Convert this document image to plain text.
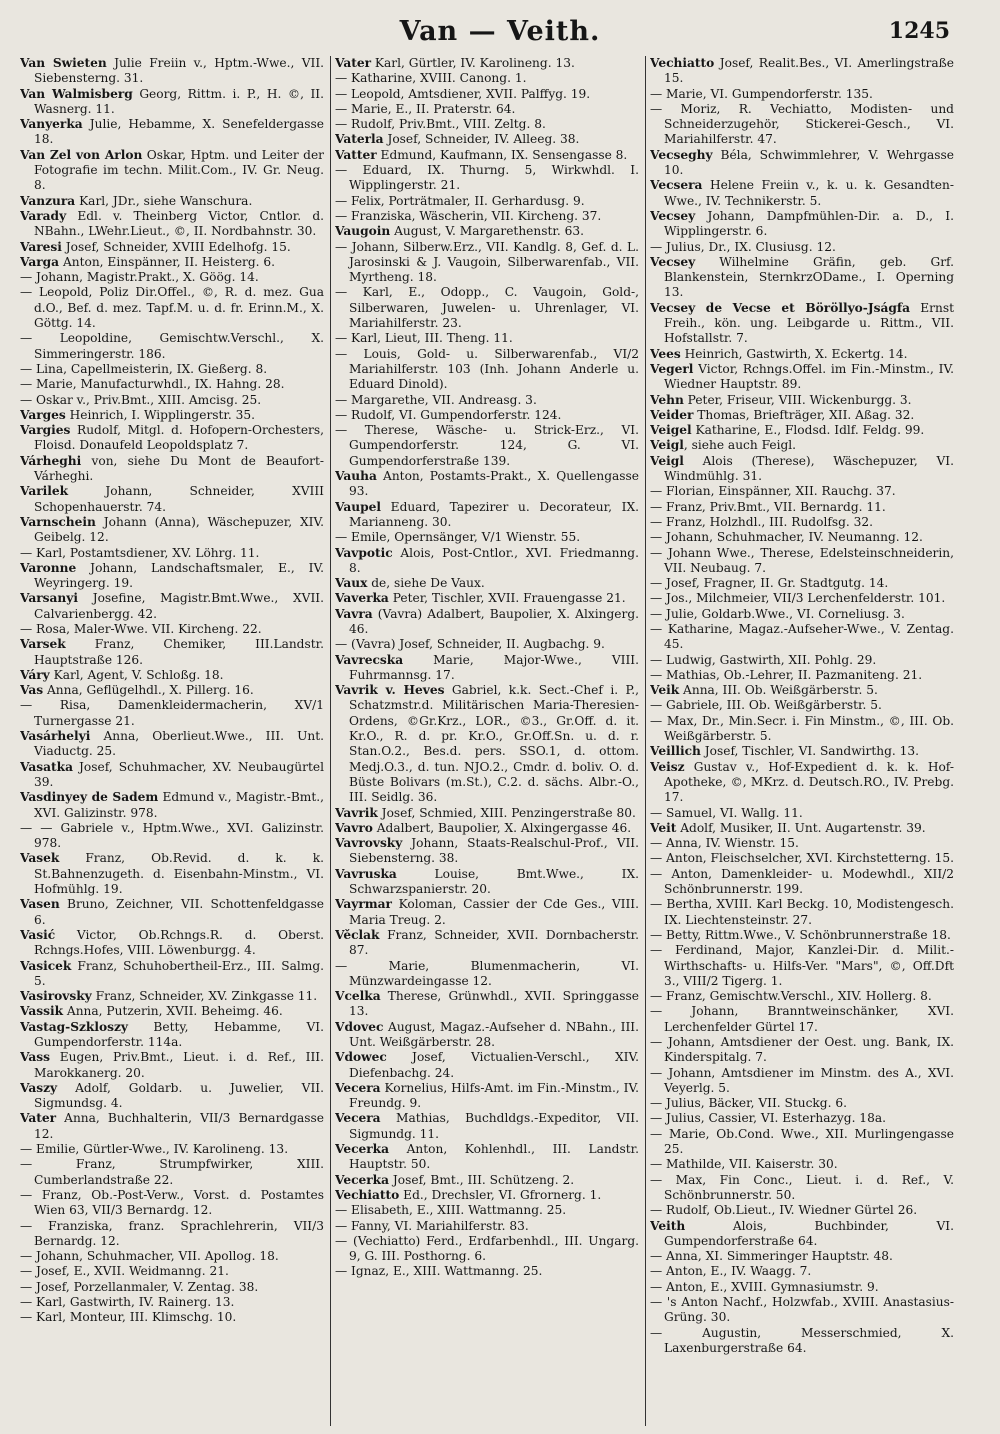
Van — Veith.	1245

Van Swieten Julie Freiin v., Hptm.-Wwe., VII. Siebensterng. 31.

Van Walmisberg Georg, Rittm. i. P., H. ©, II. Wasnerg. 11.

Vanyerka Julie, Hebamme, X. Senefeldergasse 18.

Van Zel von Arlon Oskar, Hptm. und Leiter der Fotografie im techn. Milit.Com., IV. Gr. Neug. 8.

Vanzura Karl, JDr., siehe Wanschura.

Varady Edl. v. Theinberg Victor, Cntlor. d. NBahn., LWehr.Lieut., ©, II. Nordbahnstr. 30.

Varesi Josef, Schneider, XVIII Edelhofg. 15.

Varga Anton, Einspänner, II. Heisterg. 6.

— Johann, Magistr.Prakt., X. Göög. 14.

— Leopold, Poliz Dir.Offel., ©, R. d. mez. Gua d.O., Bef. d. mez. Tapf.M. u. d. fr. Erinn.M., X. Göttg. 14.

— Leopoldine, Gemischtw.Verschl., X. Simmeringerstr. 186.

— Lina, Capellmeisterin, IX. Gießerg. 8.

— Marie, Manufacturwhdl., IX. Hahng. 28.

— Oskar v., Priv.Bmt., XIII. Amcisg. 25.

Varges Heinrich, I. Wipplingerstr. 35.

Vargies Rudolf, Mitgl. d. Hofopern-Orchesters, Floisd. Donaufeld Leopoldsplatz 7.

Várheghi von, siehe Du Mont de Beaufort-Várheghi.

Varilek Johann, Schneider, XVIII Schopenhauerstr. 74.

Varnschein Johann (Anna), Wäschepuzer, XIV. Geibelg. 12.

— Karl, Postamtsdiener, XV. Löhrg. 11.

Varonne Johann, Landschaftsmaler, E., IV. Weyringerg. 19.

Varsanyi Josefine, Magistr.Bmt.Wwe., XVII. Calvarienbergg. 42.

— Rosa, Maler-Wwe. VII. Kircheng. 22.

Varsek Franz, Chemiker, III.Landstr. Hauptstraße 126.

Váry Karl, Agent, V. Schloßg. 18.

Vas Anna, Geflügelhdl., X. Pillerg. 16.

— Risa, Damenkleidermacherin, XV/1 Turnergasse 21.

Vasárhelyi Anna, Oberlieut.Wwe., III. Unt. Viaductg. 25.

Vasatka Josef, Schuhmacher, XV. Neubaugürtel 39.

Vasdinyey de Sadem Edmund v., Magistr.-Bmt., XVI. Galizinstr. 978.

— — Gabriele v., Hptm.Wwe., XVI. Galizinstr. 978.

Vasek Franz, Ob.Revid. d. k. k. St.Bahnenzugeth. d. Eisenbahn-Minstm., VI. Hofmühlg. 19.

Vasen Bruno, Zeichner, VII. Schottenfeldgasse 6.

Vasić Victor, Ob.Rchngs.R. d. Oberst. Rchngs.Hofes, VIII. Löwenburgg. 4.

Vasicek Franz, Schuhobertheil-Erz., III. Salmg. 5.

Vasirovsky Franz, Schneider, XV. Zinkgasse 11.

Vassik Anna, Putzerin, XVII. Beheimg. 46.

Vastag-Szkloszy Betty, Hebamme, VI. Gumpendorferstr. 114a.

Vass Eugen, Priv.Bmt., Lieut. i. d. Ref., III. Marokkanerg. 20.

Vaszy Adolf, Goldarb. u. Juwelier, VII. Sigmundsg. 4.

Vater Anna, Buchhalterin, VII/3 Bernardgasse 12.

— Emilie, Gürtler-Wwe., IV. Karolineng. 13.

— Franz, Strumpfwirker, XIII. Cumberlandstraße 22.

— Franz, Ob.-Post-Verw., Vorst. d. Postamtes Wien 63, VII/3 Bernardg. 12.

— Franziska, franz. Sprachlehrerin, VII/3 Bernardg. 12.

— Johann, Schuhmacher, VII. Apollog. 18.

— Josef, E., XVII. Weidmanng. 21.

— Josef, Porzellanmaler, V. Zentag. 38.

— Karl, Gastwirth, IV. Rainerg. 13.

— Karl, Monteur, III. Klimschg. 10.

Vater Karl, Gürtler, IV. Karolineng. 13.

— Katharine, XVIII. Canong. 1.

— Leopold, Amtsdiener, XVII. Palffyg. 19.

— Marie, E., II. Praterstr. 64.

— Rudolf, Priv.Bmt., VIII. Zeltg. 8.

Vaterla Josef, Schneider, IV. Alleeg. 38.

Vatter Edmund, Kaufmann, IX. Sensengasse 8.

— Eduard, IX. Thurng. 5, Wirkwhdl. I. Wipplingerstr. 21.

— Felix, Porträtmaler, II. Gerhardusg. 9.

— Franziska, Wäscherin, VII. Kircheng. 37.

Vaugoin August, V. Margarethenstr. 63.

— Johann, Silberw.Erz., VII. Kandlg. 8, Gef. d. L. Jarosinski & J. Vaugoin, Silberwarenfab., VII. Myrtheng. 18.

— Karl, E., Odopp., C. Vaugoin, Gold-, Silberwaren, Juwelen- u. Uhrenlager, VI. Mariahilferstr. 23.

— Karl, Lieut, III. Theng. 11.

— Louis, Gold- u. Silberwarenfab., VI/2 Mariahilferstr. 103 (Inh. Johann Anderle u. Eduard Dinold).

— Margarethe, VII. Andreasg. 3.

— Rudolf, VI. Gumpendorferstr. 124.

— Therese, Wäsche- u. Strick-Erz., VI. Gumpendorferstr. 124, G. VI. Gumpendorferstraße 139.

Vauha Anton, Postamts-Prakt., X. Quellengasse 93.

Vaupel Eduard, Tapezirer u. Decorateur, IX. Marianneng. 30.

— Emile, Opernsänger, V/1 Wienstr. 55.

Vavpotic Alois, Post-Cntlor., XVI. Friedmanng. 8.

Vaux de, siehe De Vaux.

Vaverka Peter, Tischler, XVII. Frauengasse 21.

Vavra (Vavra) Adalbert, Baupolier, X. Alxingerg. 46.

— (Vavra) Josef, Schneider, II. Augbachg. 9.

Vavrecska Marie, Major-Wwe., VIII. Fuhrmannsg. 17.

Vavrik v. Heves Gabriel, k.k. Sect.-Chef i. P., Schatzmstr.d. Militärischen Maria-Theresien-Ordens, ©Gr.Krz., LOR., ©3., Gr.Off. d. it. Kr.O., R. d. pr. Kr.O., Gr.Off.Sn. u. d. r. Stan.O.2., Bes.d. pers. SSO.1, d. ottom. Medj.O.3., d. tun. NJO.2., Cmdr. d. boliv. O. d. Büste Bolivars (m.St.), C.2. d. sächs. Albr.-O., III. Seidlg. 36.

Vavrik Josef, Schmied, XIII. Penzingerstraße 80.

Vavro Adalbert, Baupolier, X. Alxingergasse 46.

Vavrovsky Johann, Staats-Realschul-Prof., VII. Siebensterng. 38.

Vavruska Louise, Bmt.Wwe., IX. Schwarzspanierstr. 20.

Vayrmar Koloman, Cassier der Cde Ges., VIII. Maria Treug. 2.

Věclak Franz, Schneider, XVII. Dornbacherstr. 87.

— Marie, Blumenmacherin, VI. Münzwardeingasse 12.

Vcelka Therese, Grünwhdl., XVII. Springgasse 13.

Vdovec August, Magaz.-Aufseher d. NBahn., III. Unt. Weißgärberstr. 28.

Vdowec Josef, Victualien-Verschl., XIV. Diefenbachg. 24.

Vecera Kornelius, Hilfs-Amt. im Fin.-Minstm., IV. Freundg. 9.

Vecera Mathias, Buchdldgs.-Expeditor, VII. Sigmundg. 11.

Vecerka Anton, Kohlenhdl., III. Landstr. Hauptstr. 50.

Vecerka Josef, Bmt., III. Schützeng. 2.

Vechiatto Ed., Drechsler, VI. Gfrornerg. 1.

— Elisabeth, E., XIII. Wattmanng. 25.

— Fanny, VI. Mariahilferstr. 83.

— (Vechiatto) Ferd., Erdfarbenhdl., III. Ungarg. 9, G. III. Posthorng. 6.

— Ignaz, E., XIII. Wattmanng. 25.

Vechiatto Josef, Realit.Bes., VI. Amerlingstraße 15.

— Marie, VI. Gumpendorferstr. 135.

— Moriz, R. Vechiatto, Modisten- und Schneiderzugehör, Stickerei-Gesch., VI. Mariahilferstr. 47.

Vecseghy Béla, Schwimmlehrer, V. Wehrgasse 10.

Vecsera Helene Freiin v., k. u. k. Gesandten-Wwe., IV. Technikerstr. 5.

Vecsey Johann, Dampfmühlen-Dir. a. D., I. Wipplingerstr. 6.

— Julius, Dr., IX. Clusiusg. 12.

Vecsey Wilhelmine Gräfin, geb. Grf. Blankenstein, SternkrzODame., I. Operning 13.

Vecsey de Vecse et Böröllyo-Jságfa Ernst Freih., kön. ung. Leibgarde u. Rittm., VII. Hofstallstr. 7.

Vees Heinrich, Gastwirth, X. Eckertg. 14.

Vegerl Victor, Rchngs.Offel. im Fin.-Minstm., IV. Wiedner Hauptstr. 89.

Vehn Peter, Friseur, VIII. Wickenburgg. 3.

Veider Thomas, Briefträger, XII. Aßag. 32.

Veigel Katharine, E., Flodsd. Idlf. Feldg. 99.

Veigl, siehe auch Feigl.

Veigl Alois (Therese), Wäschepuzer, VI. Windmühlg. 31.

— Florian, Einspänner, XII. Rauchg. 37.

— Franz, Priv.Bmt., VII. Bernardg. 11.

— Franz, Holzhdl., III. Rudolfsg. 32.

— Johann, Schuhmacher, IV. Neumanng. 12.

— Johann Wwe., Therese, Edelsteinschneiderin, VII. Neubaug. 7.

— Josef, Fragner, II. Gr. Stadtgutg. 14.

— Jos., Milchmeier, VII/3 Lerchenfelderstr. 101.

— Julie, Goldarb.Wwe., VI. Corneliusg. 3.

— Katharine, Magaz.-Aufseher-Wwe., V. Zentag. 45.

— Ludwig, Gastwirth, XII. Pohlg. 29.

— Mathias, Ob.-Lehrer, II. Pazmaniteng. 21.

Veik Anna, III. Ob. Weißgärberstr. 5.

— Gabriele, III. Ob. Weißgärberstr. 5.

— Max, Dr., Min.Secr. i. Fin Minstm., ©, III. Ob. Weißgärberstr. 5.

Veillich Josef, Tischler, VI. Sandwirthg. 13.

Veisz Gustav v., Hof-Expedient d. k. k. Hof-Apotheke, ©, MKrz. d. Deutsch.RO., IV. Prebg. 17.

— Samuel, VI. Wallg. 11.

Veit Adolf, Musiker, II. Unt. Augartenstr. 39.

— Anna, IV. Wienstr. 15.

— Anton, Fleischselcher, XVI. Kirchstetterng. 15.

— Anton, Damenkleider- u. Modewhdl., XII/2 Schönbrunnerstr. 199.

— Bertha, XVIII. Karl Beckg. 10, Modistengesch. IX. Liechtensteinstr. 27.

— Betty, Rittm.Wwe., V. Schönbrunnerstraße 18.

— Ferdinand, Major, Kanzlei-Dir. d. Milit.-Wirthschafts- u. Hilfs-Ver. "Mars", ©, Off.Dft 3., VIII/2 Tigerg. 1.

— Franz, Gemischtw.Verschl., XIV. Hollerg. 8.

— Johann, Branntweinschänker, XVI. Lerchenfelder Gürtel 17.

— Johann, Amtsdiener der Oest. ung. Bank, IX. Kinderspitalg. 7.

— Johann, Amtsdiener im Minstm. des A., XVI. Veyerlg. 5.

— Julius, Bäcker, VII. Stuckg. 6.

— Julius, Cassier, VI. Esterhazyg. 18a.

— Marie, Ob.Cond. Wwe., XII. Murlingengasse 25.

— Mathilde, VII. Kaiserstr. 30.

— Max, Fin Conc., Lieut. i. d. Ref., V. Schönbrunnerstr. 50.

— Rudolf, Ob.Lieut., IV. Wiedner Gürtel 26.

Veith Alois, Buchbinder, VI. Gumpendorferstraße 64.

— Anna, XI. Simmeringer Hauptstr. 48.

— Anton, E., IV. Waagg. 7.

— Anton, E., XVIII. Gymnasiumstr. 9.

— 's Anton Nachf., Holzwfab., XVIII. Anastasius-Grüng. 30.

— Augustin, Messerschmied, X. Laxenburgerstraße 64.
